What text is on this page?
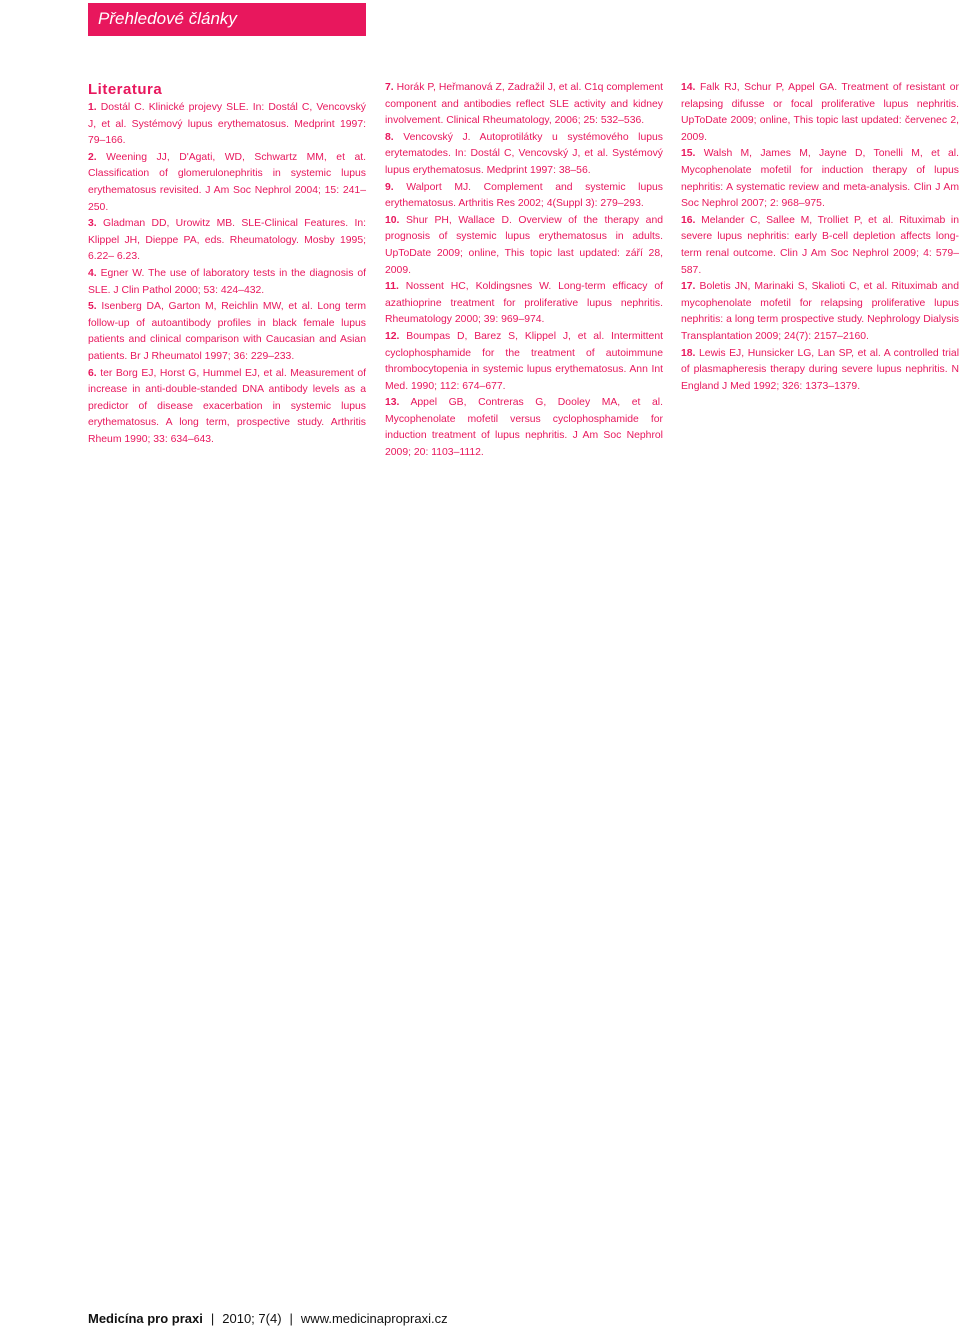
Přehledové články
Literatura

1. Dostál C. Klinické projevy SLE. In: Dostál C, Vencovský J, et al. Systémový lupus erythematosus. Medprint 1997: 79–166.

2. Weening JJ, D'Agati, WD, Schwartz MM, et at. Classification of glomerulonephritis in systemic lupus erythematosus revisited. J Am Soc Nephrol 2004; 15: 241–250.

3. Gladman DD, Urowitz MB. SLE-Clinical Features. In: Klippel JH, Dieppe PA, eds. Rheumatology. Mosby 1995; 6.22– 6.23.

4. Egner W. The use of laboratory tests in the diagnosis of SLE. J Clin Pathol 2000; 53: 424–432.

5. Isenberg DA, Garton M, Reichlin MW, et al. Long term follow-up of autoantibody profiles in black female lupus patients and clinical comparison with Caucasian and Asian patients. Br J Rheumatol 1997; 36: 229–233.

6. ter Borg EJ, Horst G, Hummel EJ, et al. Measurement of increase in anti-double-standed DNA antibody levels as a predictor of disease exacerbation in systemic lupus erythematosus. A long term, prospective study. Arthritis Rheum 1990; 33: 634–643.

7. Horák P, Heřmanová Z, Zadražil J, et al. C1q complement component and antibodies reflect SLE activity and kidney involvement. Clinical Rheumatology, 2006; 25: 532–536.

8. Vencovský J. Autoprotilátky u systémového lupus erytematodes. In: Dostál C, Vencovský J, et al. Systémový lupus erythematosus. Medprint 1997: 38–56.

9. Walport MJ. Complement and systemic lupus erythematosus. Arthritis Res 2002; 4(Suppl 3): 279–293.

10. Shur PH, Wallace D. Overview of the therapy and prognosis of systemic lupus erythematosus in adults. UpToDate 2009; online, This topic last updated: září 28, 2009.

11. Nossent HC, Koldingsnes W. Long-term efficacy of azathioprine treatment for proliferative lupus nephritis. Rheumatology 2000; 39: 969–974.

12. Boumpas D, Barez S, Klippel J, et al. Intermittent cyclophosphamide for the treatment of autoimmune thrombocytopenia in systemic lupus erythematosus. Ann Int Med. 1990; 112: 674–677.

13. Appel GB, Contreras G, Dooley MA, et al. Mycophenolate mofetil versus cyclophosphamide for induction treatment of lupus nephritis. J Am Soc Nephrol 2009; 20: 1103–1112.

14. Falk RJ, Schur P, Appel GA. Treatment of resistant or relapsing difusse or focal proliferative lupus nephritis. UpToDate 2009; online, This topic last updated: červenec 2, 2009.

15. Walsh M, James M, Jayne D, Tonelli M, et al. Mycophenolate mofetil for induction therapy of lupus nephritis: A systematic review and meta-analysis. Clin J Am Soc Nephrol 2007; 2: 968–975.

16. Melander C, Sallee M, Trolliet P, et al. Rituximab in severe lupus nephritis: early B-cell depletion affects long-term renal outcome. Clin J Am Soc Nephrol 2009; 4: 579–587.

17. Boletis JN, Marinaki S, Skalioti C, et al. Rituximab and mycophenolate mofetil for relapsing proliferative lupus nephritis: a long term prospective study. Nephrology Dialysis Transplantation 2009; 24(7): 2157–2160.

18. Lewis EJ, Hunsicker LG, Lan SP, et al. A controlled trial of plasmapheresis therapy during severe lupus nephritis. N England J Med 1992; 326: 1373–1379.

Medicína pro praxi | 2010; 7(4) | www.medicinapropraxi.cz
